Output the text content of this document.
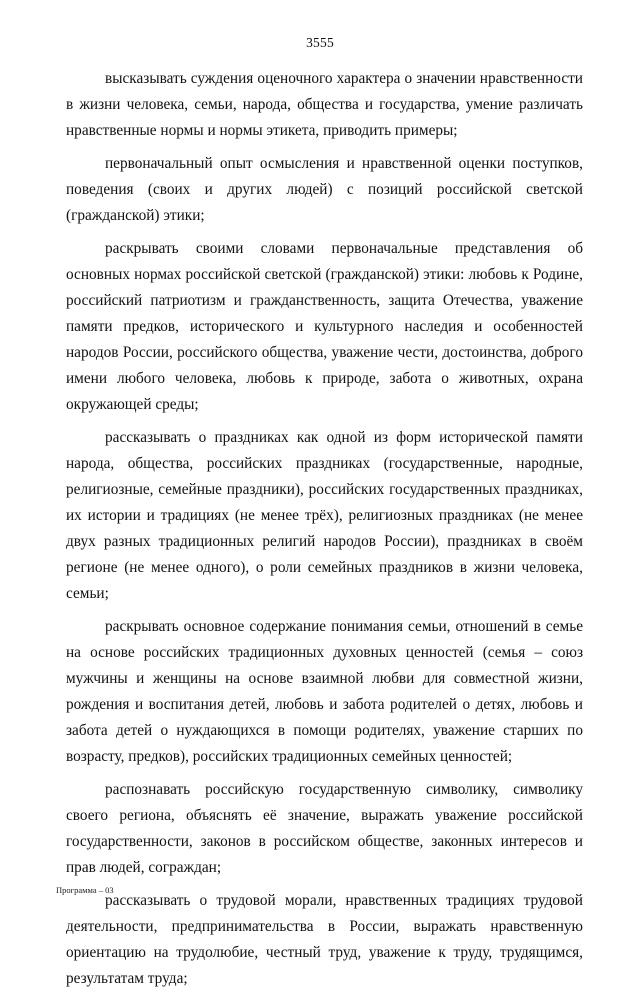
3555

высказывать суждения оценочного характера о значении нравственности в жизни человека, семьи, народа, общества и государства, умение различать нравственные нормы и нормы этикета, приводить примеры;

первоначальный опыт осмысления и нравственной оценки поступков, поведения (своих и других людей) с позиций российской светской (гражданской) этики;

раскрывать своими словами первоначальные представления об основных нормах российской светской (гражданской) этики: любовь к Родине, российский патриотизм и гражданственность, защита Отечества, уважение памяти предков, исторического и культурного наследия и особенностей народов России, российского общества, уважение чести, достоинства, доброго имени любого человека, любовь к природе, забота о животных, охрана окружающей среды;

рассказывать о праздниках как одной из форм исторической памяти народа, общества, российских праздниках (государственные, народные, религиозные, семейные праздники), российских государственных праздниках, их истории и традициях (не менее трёх), религиозных праздниках (не менее двух разных традиционных религий народов России), праздниках в своём регионе (не менее одного), о роли семейных праздников в жизни человека, семьи;

раскрывать основное содержание понимания семьи, отношений в семье на основе российских традиционных духовных ценностей (семья – союз мужчины и женщины на основе взаимной любви для совместной жизни, рождения и воспитания детей, любовь и забота родителей о детях, любовь и забота детей о нуждающихся в помощи родителях, уважение старших по возрасту, предков), российских традиционных семейных ценностей;

распознавать российскую государственную символику, символику своего региона, объяснять её значение, выражать уважение российской государственности, законов в российском обществе, законных интересов и прав людей, сограждан;

рассказывать о трудовой морали, нравственных традициях трудовой деятельности, предпринимательства в России, выражать нравственную ориентацию на трудолюбие, честный труд, уважение к труду, трудящимся, результатам труда;

Программа – 03
